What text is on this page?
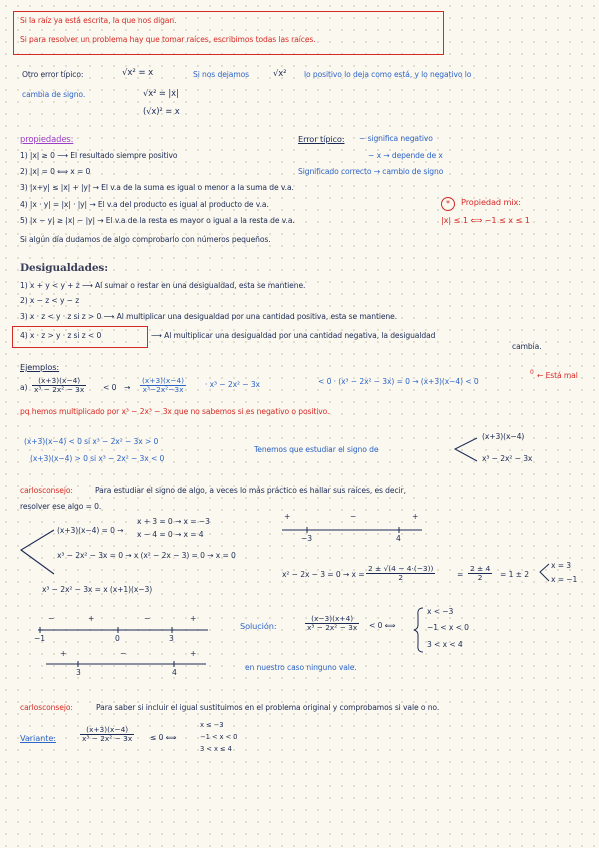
Si la raíz ya está escrita, la que nos digan.
Si para resolver un problema hay que tomar raíces, escribimos todas las raíces.
Otro error típico:	√x² = x	Si nos dejamos	√x² lo positivo lo deja como está, y lo negativo lo
cambia de signo.	√x² = |x|
(√x)² = x
propiedades:
1) |x| ≥ 0 ⟶ El resultado siempre positivo
2) |x| = 0 ⟺ x = 0
3) |x+y| ≤ |x| + |y| → El v.a de la suma es igual o menor a la suma de v.a.
4) |x · y| = |x| · |y| → El v.a del producto es igual al producto de v.a.
5) |x − y| ≥ |x| − |y| → El v.a de la resta es mayor o igual a la resta de v.a.
Si algún día dudamos de algo comprobarlo con números pequeños.
Error típico: − significa negativo
− x → depende de x
Significado correcto → cambio de signo
*	Propiedad mix:
|x| ≤ 1 ⟺ −1 ≤ x ≤ 1
Desigualdades:
1) x + y < y + z ⟶ Al sumar o restar en una desigualdad, esta se mantiene.
2) x − z < y − z
3) x · z < y · z si z > 0 ⟶ Al multiplicar una desigualdad por una cantidad positiva, esta se mantiene.
4) x · z > y · z si z < 0	⟶ Al multiplicar una desigualdad por una cantidad negativa, la desigualdad
cambia.
Ejemplos:
$a) \frac{(x+3)(x-4)}{\text{x³ − 2x² − 3x}} < 0 \to \frac{(x+3)(x-4)}{\text{x³−2x²−3x}} \cdot x^3 - 2x^2 - 3x$	< 0 · (x³ − 2x² − 3x) = 0 → (x+3)(x−4) < 0
0 ← Está mal
pq hemos multiplicado por x³ − 2x³ − 3x que no sabemos si es negativo o positivo.
(x+3)(x−4) < 0 si x³ − 2x² − 3x > 0
(x+3)(x−4) > 0 si x³ − 2x² − 3x < 0
Tenemos que estudiar el signo de
(x+3)(x−4)
x³ − 2x² − 3x
carlosconsejo:	Para estudiar el signo de algo, a veces lo más práctico es hallar sus raíces, es decir,
resolver ese algo = 0.
(x+3)(x−4) = 0 →
x + 3 = 0 → x = −3
x − 4 = 0 → x = 4
x³ − 2x² − 3x = 0 → x (x² − 2x − 3) = 0 → x = 0
$x^2 - 2x - 3 = 0 \to x = \frac{2 \pm √(4 - 4\cdot(-3))}{2}$	= $\frac{2 \pm 4}{2} = 1 \pm 2$
x = 3
x = −1
x³ − 2x² − 3x = x (x+1)(x−3)
+	−	+
−3	4
−	+	−	+
−1	0	3
+	−	+
3	4
Solución:	$\frac{(x-3)(x+4)}{\text{x³ − 2x² − 3x}} < 0$ ⟺
x < −3
−1 < x < 0
3 < x < 4
en nuestro caso ninguno vale.
carlosconsejo:	Para saber si incluir el igual sustituimos en el problema original y comprobamos si vale o no.
Variante:	$\frac{(x+3)(x-4)}{\text{x³ − 2x² − 3x}} \le 0$ ⟺
x ≤ −3
−1 < x < 0
3 < x ≤ 4
